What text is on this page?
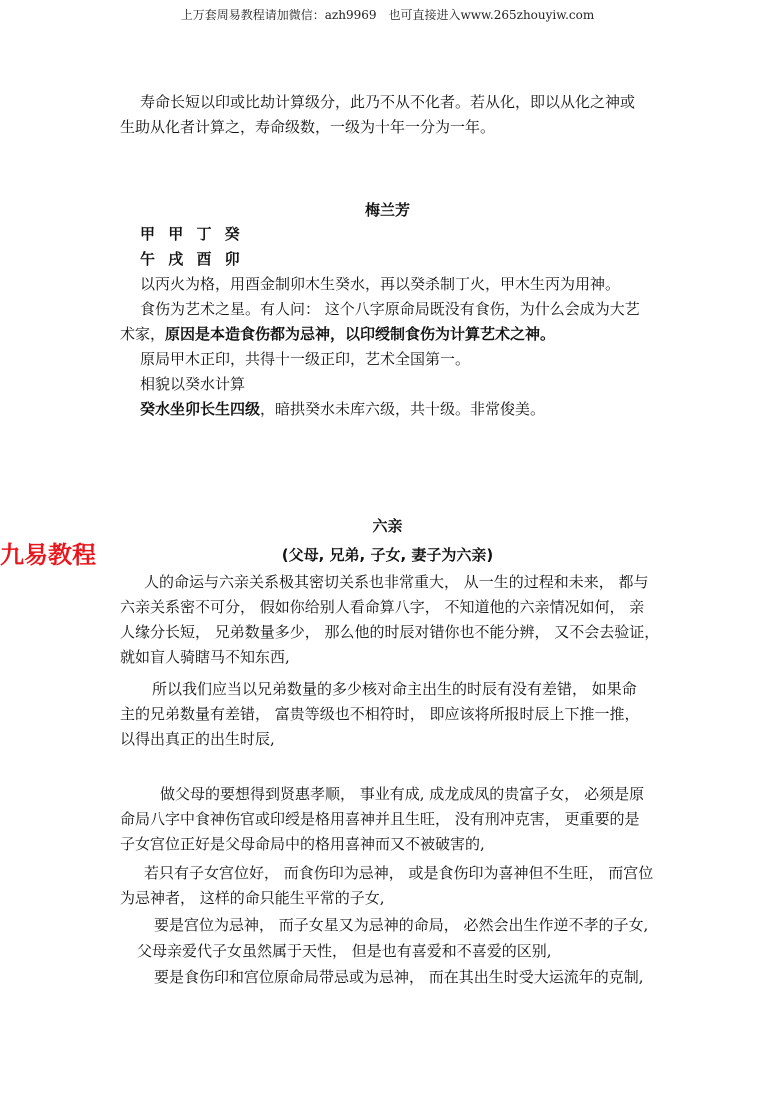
上万套周易教程请加微信：azh9969　也可直接进入www.265zhouyiw.com
寿命长短以印或比劫计算级分，此乃不从不化者。若从化，即以从化之神或
生助从化者计算之，寿命级数，一级为十年一分为一年。
梅兰芳
甲 甲 丁 癸
午 戌 酉 卯
以丙火为格，用酉金制卯木生癸水，再以癸杀制丁火，甲木生丙为用神。
食伤为艺术之星。有人问： 这个八字原命局既没有食伤，为什么会成为大艺
术家，原因是本造食伤都为忌神，以印绶制食伤为计算艺术之神。
原局甲木正印，共得十一级正印，艺术全国第一。
相貌以癸水计算
癸水坐卯长生四级，暗拱癸水未库六级，共十级。非常俊美。
六亲
(父母, 兄弟, 子女, 妻子为六亲)
九易教程
人的命运与六亲关系极其密切关系也非常重大， 从一生的过程和未来， 都与
六亲关系密不可分， 假如你给别人看命算八字， 不知道他的六亲情况如何， 亲
人缘分长短， 兄弟数量多少， 那么他的时辰对错你也不能分辨， 又不会去验证，
就如盲人骑瞎马不知东西,
所以我们应当以兄弟数量的多少核对命主出生的时辰有没有差错， 如果命
主的兄弟数量有差错， 富贵等级也不相符时， 即应该将所报时辰上下推一推，
以得出真正的出生时辰,
做父母的要想得到贤惠孝顺， 事业有成, 成龙成凤的贵富子女， 必须是原
命局八字中食神伤官或印绶是格用喜神并且生旺， 没有刑冲克害， 更重要的是
子女宫位正好是父母命局中的格用喜神而又不被破害的,
若只有子女宫位好， 而食伤印为忌神， 或是食伤印为喜神但不生旺， 而宫位
为忌神者， 这样的命只能生平常的子女,
要是宫位为忌神， 而子女星又为忌神的命局， 必然会出生作逆不孝的子女,
父母亲爱代子女虽然属于天性， 但是也有喜爱和不喜爱的区别,
要是食伤印和宫位原命局带忌或为忌神， 而在其出生时受大运流年的克制,
